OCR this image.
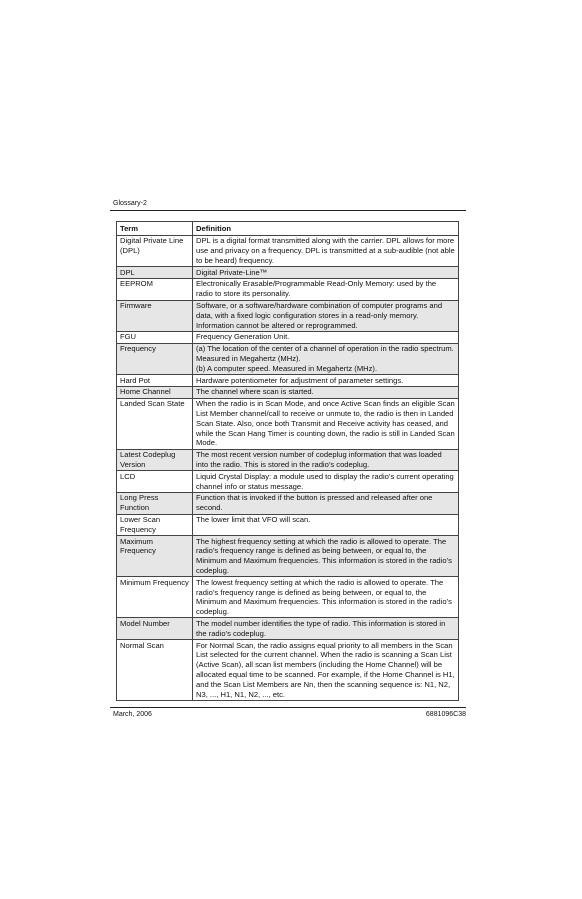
Glossary-2
Term	Definition
Digital Private Line (DPL)	DPL is a digital format transmitted along with the carrier. DPL allows for more use and privacy on a frequency. DPL is transmitted at a sub-audible (not able to be heard) frequency.
DPL	Digital Private-Line™
EEPROM	Electronically Erasable/Programmable Read-Only Memory: used by the radio to store its personality.
Firmware	Software, or a software/hardware combination of computer programs and data, with a fixed logic configuration stores in a read-only memory. Information cannot be altered or reprogrammed.
FGU	Frequency Generation Unit.
Frequency	(a) The location of the center of a channel of operation in the radio spectrum. Measured in Megahertz (MHz).
(b) A computer speed. Measured in Megahertz (MHz).
Hard Pot	Hardware potentiometer for adjustment of parameter settings.
Home Channel	The channel where scan is started.
Landed Scan State	When the radio is in Scan Mode, and once Active Scan finds an eligible Scan List Member channel/call to receive or unmute to, the radio is then in Landed Scan State. Also, once both Transmit and Receive activity has ceased, and while the Scan Hang Timer is counting down, the radio is still in Landed Scan Mode.
Latest Codeplug Version	The most recent version number of codeplug information that was loaded into the radio. This is stored in the radio’s codeplug.
LCD	Liquid Crystal Display: a module used to display the radio’s current operating channel info or status message.
Long Press Function	Function that is invoked if the button is pressed and released after one second.
Lower Scan Frequency	The lower limit that VFO will scan.
Maximum Frequency	The highest frequency setting at which the radio is allowed to operate. The radio’s frequency range is defined as being between, or equal to, the Minimum and Maximum frequencies. This information is stored in the radio’s codeplug.
Minimum Frequency	The lowest frequency setting at which the radio is allowed to operate. The radio’s frequency range is defined as being between, or equal to, the Minimum and Maximum frequencies. This information is stored in the radio’s codeplug.
Model Number	The model number identifies the type of radio. This information is stored in the radio’s codeplug.
Normal Scan	For Normal Scan, the radio assigns equal priority to all members in the Scan List selected for the current channel. When the radio is scanning a Scan List (Active Scan), all scan list members (including the Home Channel) will be allocated equal time to be scanned. For example, if the Home Channel is H1, and the Scan List Members are Nn, then the scanning sequence is: N1, N2, N3, ..., H1, N1, N2, ..., etc.
March, 2006	6881096C38
